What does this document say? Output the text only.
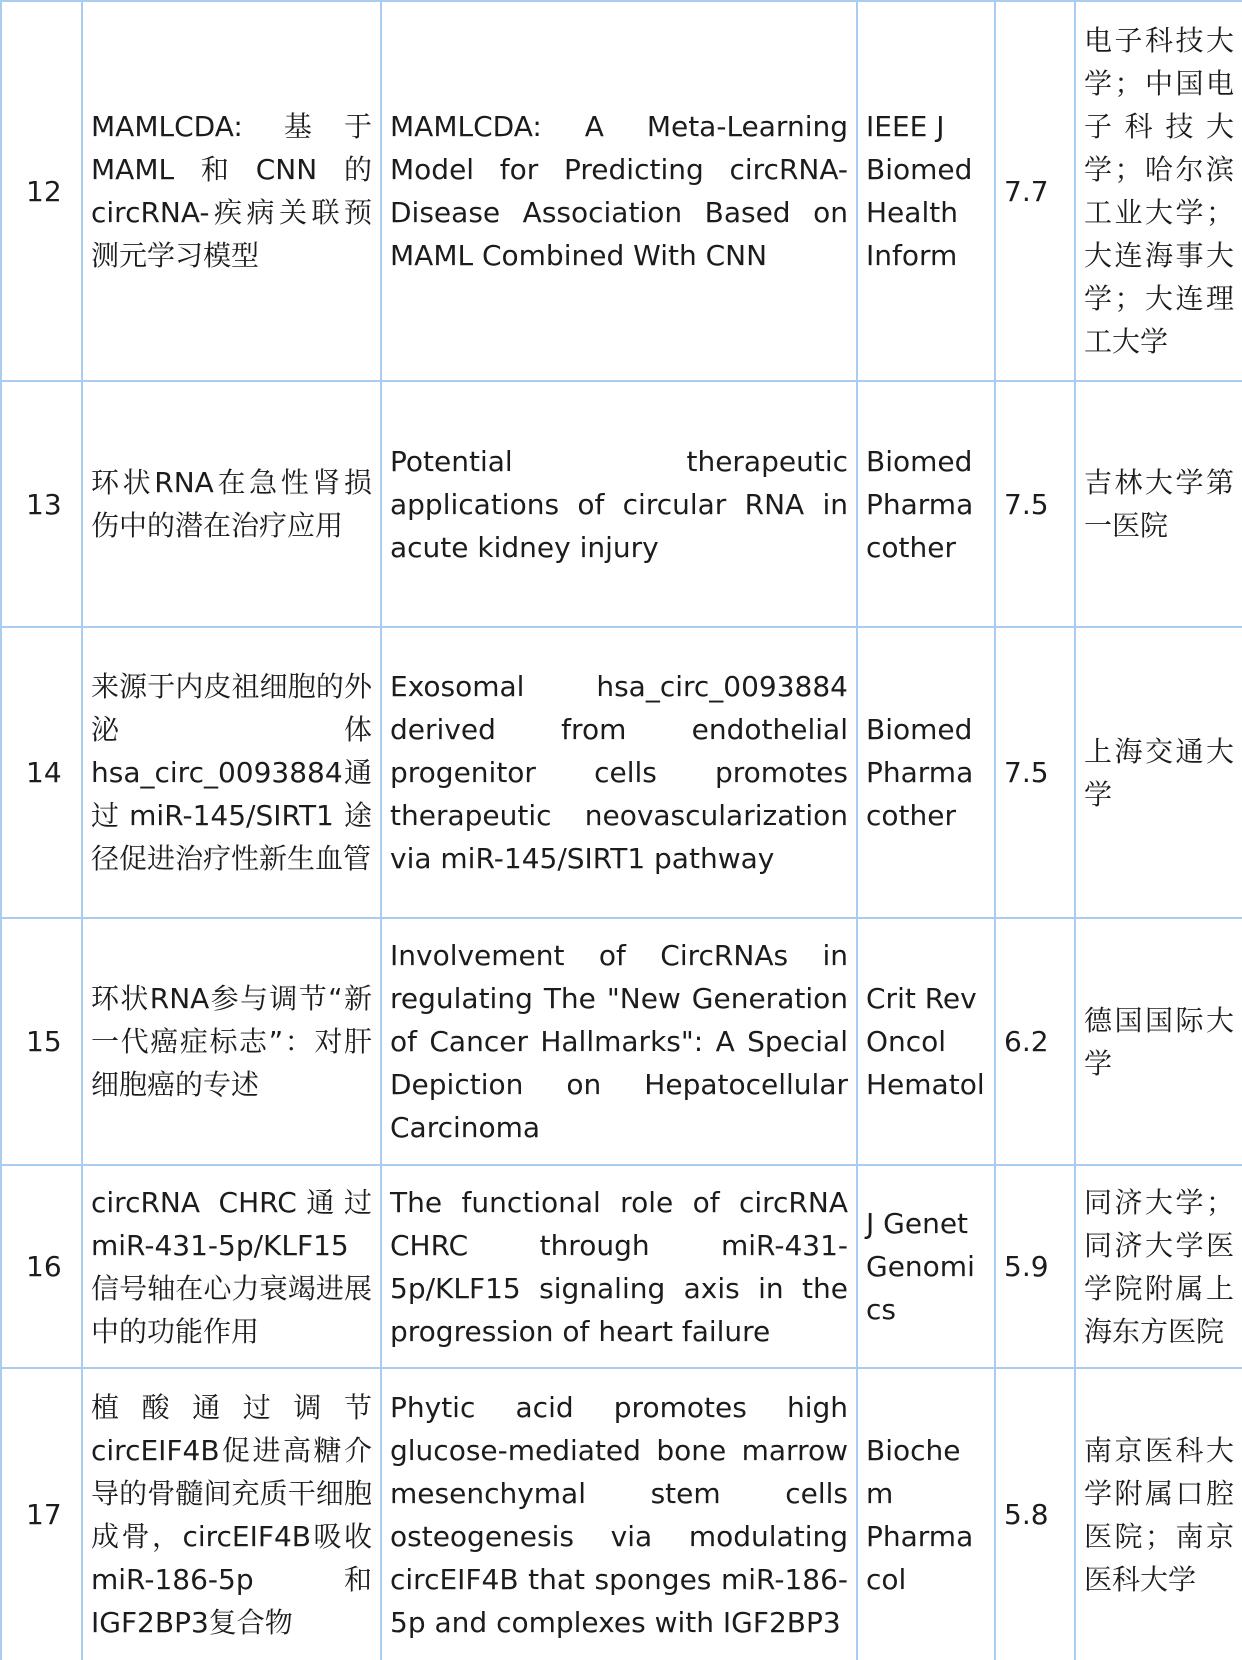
12	MAMLCDA: 基于MAML和CNN的circRNA-疾病关联预测元学习模型	MAMLCDA: A Meta-Learning Model for Predicting circRNA-Disease Association Based on MAML Combined With CNN	IEEE J Biomed Health Inform	7.7	电子科技大学；中国电子科技大学；哈尔滨工业大学；大连海事大学；大连理工大学
13	环状RNA在急性肾损伤中的潜在治疗应用	Potential therapeutic applications of circular RNA in acute kidney injury	Biomed Pharmacother	7.5	吉林大学第一医院
14	来源于内皮祖细胞的外泌体hsa_circ_0093884通过miR-145/SIRT1途径促进治疗性新生血管	Exosomal hsa_circ_0093884 derived from endothelial progenitor cells promotes therapeutic neovascularization via miR-145/SIRT1 pathway	Biomed Pharmacother	7.5	上海交通大学
15	环状RNA参与调节“新一代癌症标志”：对肝细胞癌的专述	Involvement of CircRNAs in regulating The "New Generation of Cancer Hallmarks": A Special Depiction on Hepatocellular Carcinoma	Crit Rev Oncol Hematol	6.2	德国国际大学
16	circRNA CHRC通过miR-431-5p/KLF15信号轴在心力衰竭进展中的功能作用	The functional role of circRNA CHRC through miR-431-5p/KLF15 signaling axis in the progression of heart failure	J Genet Genomics	5.9	同济大学；同济大学医学院附属上海东方医院
17	植酸通过调节circEIF4B促进高糖介导的骨髓间充质干细胞成骨，circEIF4B吸收miR-186-5p和IGF2BP3复合物	Phytic acid promotes high glucose-mediated bone marrow mesenchymal stem cells osteogenesis via modulating circEIF4B that sponges miR-186-5p and complexes with IGF2BP3	Biochem Pharmacol	5.8	南京医科大学附属口腔医院；南京医科大学
